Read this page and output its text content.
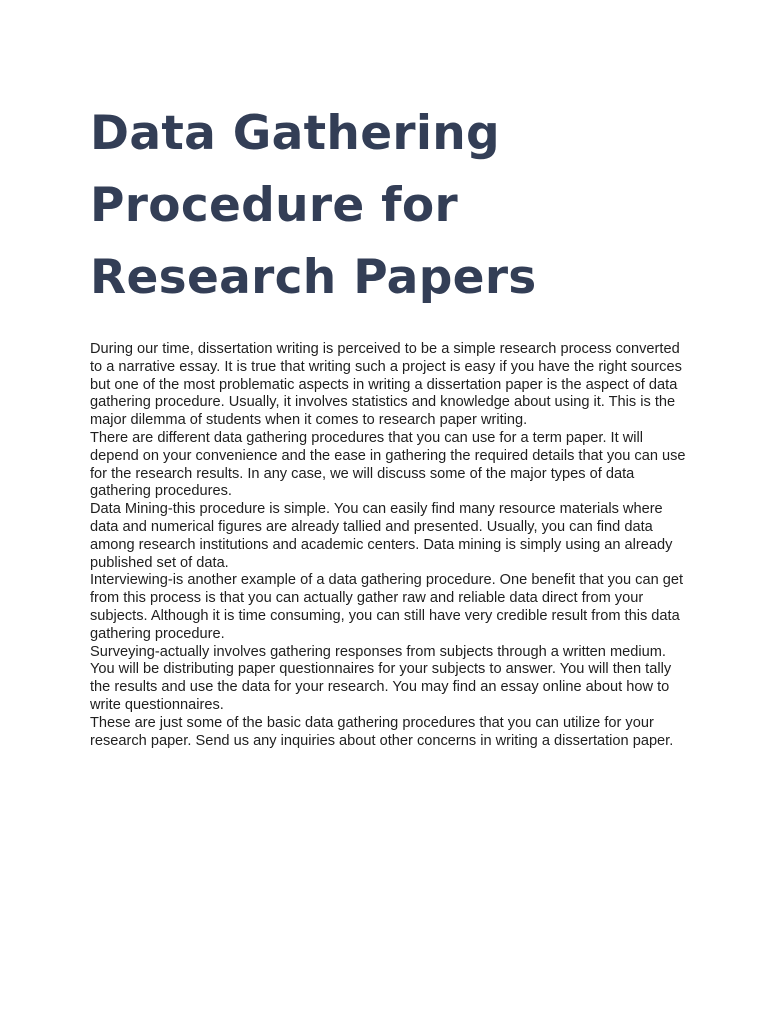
Data Gathering
Procedure for
Research Papers

During our time, dissertation writing is perceived to be a simple research process converted to a narrative essay. It is true that writing such a project is easy if you have the right sources but one of the most problematic aspects in writing a dissertation paper is the aspect of data gathering procedure. Usually, it involves statistics and knowledge about using it. This is the major dilemma of students when it comes to research paper writing.

There are different data gathering procedures that you can use for a term paper. It will depend on your convenience and the ease in gathering the required details that you can use for the research results. In any case, we will discuss some of the major types of data gathering procedures.

Data Mining-this procedure is simple. You can easily find many resource materials where data and numerical figures are already tallied and presented. Usually, you can find data among research institutions and academic centers. Data mining is simply using an already published set of data.

Interviewing-is another example of a data gathering procedure. One benefit that you can get from this process is that you can actually gather raw and reliable data direct from your subjects. Although it is time consuming, you can still have very credible result from this data gathering procedure.

Surveying-actually involves gathering responses from subjects through a written medium. You will be distributing paper questionnaires for your subjects to answer. You will then tally the results and use the data for your research. You may find an essay online about how to write questionnaires.

These are just some of the basic data gathering procedures that you can utilize for your research paper. Send us any inquiries about other concerns in writing a dissertation paper.
